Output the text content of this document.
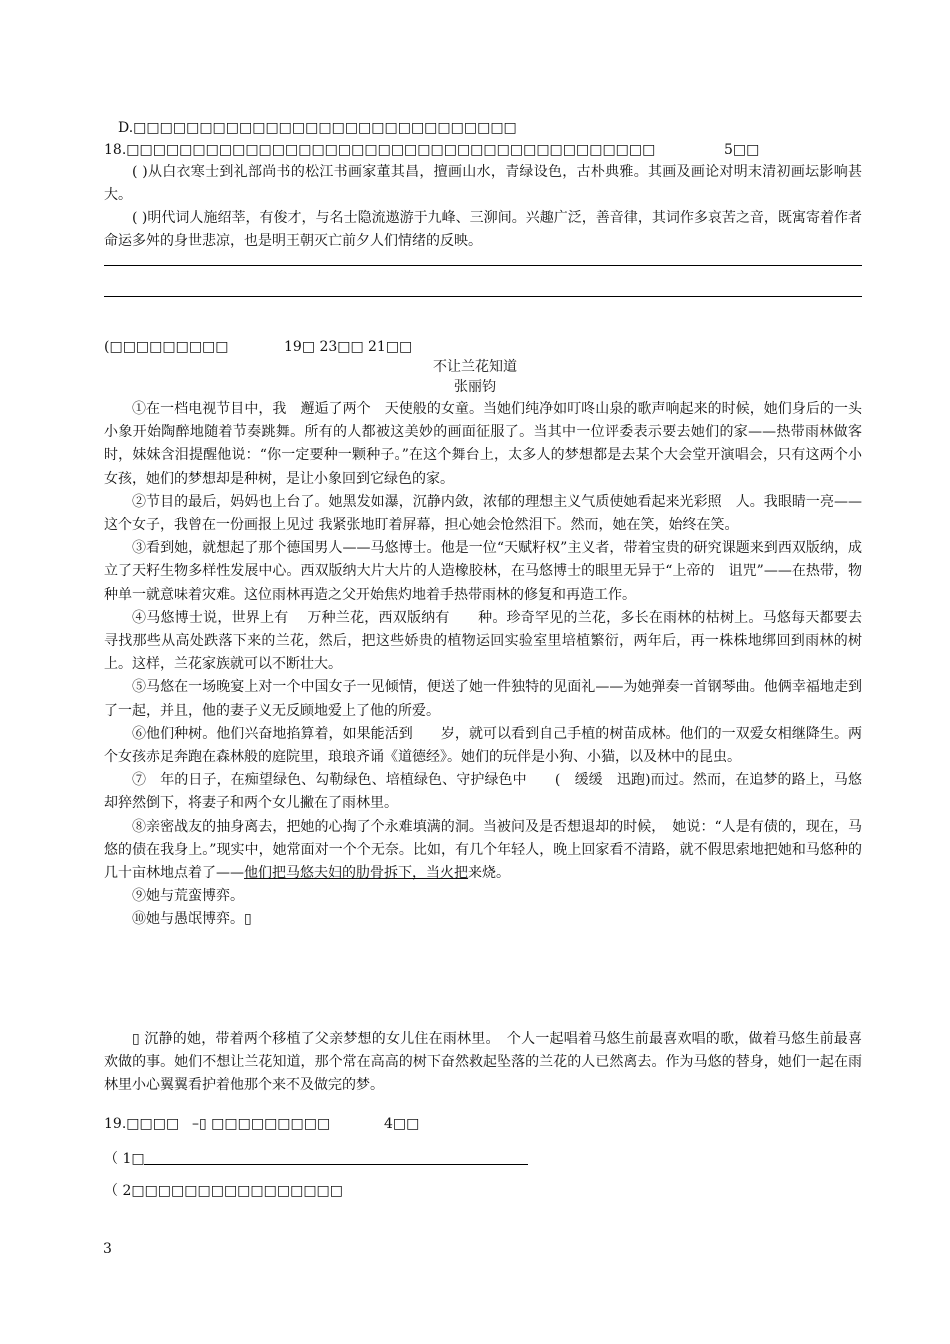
D.□□□□□□□□□□□□□□□□□□□□□□□□□□□□□
18.□□□□□□□□□□□□□□□□□□□□□□□□□□□□□□□□□□□□□□□□	5□□
( )从白衣寒士到礼部尚书的松江书画家董其昌，擅画山水，青绿设色，古朴典雅。其画及画论对明末清初画坛影响甚大。
( )明代词人施绍莘，有俊才，与名士隐流遨游于九峰、三泖间。兴趣广泛，善音律，其词作多哀苦之音，既寓寄着作者命运多舛的身世悲凉，也是明王朝灭亡前夕人们情绪的反映。
(□□□□□□□□□	19□ 23□□ 21□□
不让兰花知道
张丽钧

①在一档电视节目中，我　邂逅了两个　天使般的女童。当她们纯净如叮咚山泉的歌声响起来的时候，她们身后的一头小象开始陶醉地随着节奏跳舞。所有的人都被这美妙的画面征服了。当其中一位评委表示要去她们的家——热带雨林做客时，妹妹含泪提醒他说：“你一定要种一颗种子。”在这个舞台上，太多人的梦想都是去某个大会堂开演唱会，只有这两个小女孩，她们的梦想却是种树，是让小象回到它绿色的家。

②节目的最后，妈妈也上台了。她黑发如瀑，沉静内敛，浓郁的理想主义气质使她看起来光彩照　人。我眼睛一亮——这个女子，我曾在一份画报上见过 我紧张地盯着屏幕，担心她会怆然泪下。然而，她在笑，始终在笑。

③看到她，就想起了那个德国男人——马悠博士。他是一位“天赋籽权”主义者，带着宝贵的研究课题来到西双版纳，成立了天籽生物多样性发展中心。西双版纳大片大片的人造橡胶林，在马悠博士的眼里无异于“上帝的　诅咒”——在热带，物种单一就意味着灾难。这位雨林再造之父开始焦灼地着手热带雨林的修复和再造工作。

④马悠博士说，世界上有　 万种兰花，西双版纳有　　种。珍奇罕见的兰花，多长在雨林的枯树上。马悠每天都要去寻找那些从高处跌落下来的兰花，然后，把这些娇贵的植物运回实验室里培植繁衍，两年后，再一株株地绑回到雨林的树上。这样，兰花家族就可以不断壮大。

⑤马悠在一场晚宴上对一个中国女子一见倾情，便送了她一件独特的见面礼——为她弹奏一首钢琴曲。他俩幸福地走到了一起，并且，他的妻子义无反顾地爱上了他的所爱。

⑥他们种树。他们兴奋地掐算着，如果能活到　　岁，就可以看到自己手植的树苗成林。他们的一双爱女相继降生。两个女孩赤足奔跑在森林般的庭院里，琅琅齐诵《道德经》。她们的玩伴是小狗、小猫，以及林中的昆虫。

⑦　年的日子，在痴望绿色、勾勒绿色、培植绿色、守护绿色中　　(　缓缓　迅跑)而过。然而，在追梦的路上，马悠却猝然倒下，将妻子和两个女儿撇在了雨林里。

⑧亲密战友的抽身离去，把她的心掏了个永难填满的洞。当被问及是否想退却的时候，　她说：“人是有债的，现在，马悠的债在我身上。”现实中，她常面对一个个无奈。比如，有几个年轻人，晚上回家看不清路，就不假思索地把她和马悠种的几十亩林地点着了——他们把马悠夫妇的肋骨拆下，当火把来烧。

⑨她与荒蛮博弈。

⑩她与愚氓博弈。▯

▯ 沉静的她，带着两个移植了父亲梦想的女儿住在雨林里。　个人一起唱着马悠生前最喜欢唱的歌，做着马悠生前最喜欢做的事。她们不想让兰花知道，那个常在高高的树下奋然救起坠落的兰花的人已然离去。作为马悠的替身，她们一起在雨林里小心翼翼看护着他那个来不及做完的梦。
19.□□□□ –▯ □□□□□□□□□	4□□
（ 1□
（ 2□□□□□□□□□□□□□□□□
3
